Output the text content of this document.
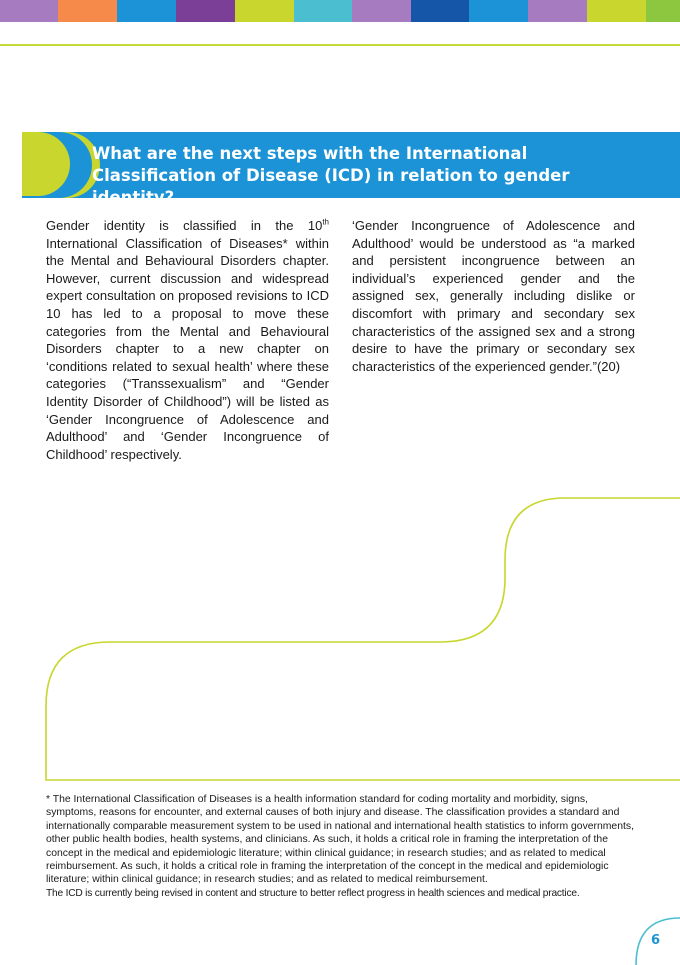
What are the next steps with the International Classification of Disease (ICD) in relation to gender identity?

Gender identity is classified in the 10th International Classification of Diseases* within the Mental and Behavioural Disorders chapter. However, current discussion and widespread expert consultation on proposed revisions to ICD 10 has led to a proposal to move these categories from the Mental and Behavioural Disorders chapter to a new chapter on ‘conditions related to sexual health’ where these categories (“Transsexualism” and “Gender Identity Disorder of Childhood”) will be listed as ‘Gender Incongruence of Adolescence and Adulthood’ and ‘Gender Incongruence of Childhood’ respectively.

‘Gender Incongruence of Adolescence and Adulthood’ would be understood as “a marked and persistent incongruence between an individual’s experienced gender and the assigned sex, generally including dislike or discomfort with primary and secondary sex characteristics of the assigned sex and a strong desire to have the primary or secondary sex characteristics of the experienced gender.”(20)

* The International Classification of Diseases is a health information standard for coding mortality and morbidity, signs, symptoms, reasons for encounter, and external causes of both injury and disease. The classification provides a standard and internationally comparable measurement system to be used in national and international health statistics to inform governments, other public health bodies, health systems, and clinicians. As such, it holds a critical role in framing the interpretation of the concept in the medical and epidemiologic literature; within clinical guidance; in research studies; and as related to medical reimbursement. As such, it holds a critical role in framing the interpretation of the concept in the medical and epidemiologic literature; within clinical guidance; in research studies; and as related to medical reimbursement.

The ICD is currently being revised in content and structure to better reflect progress in health sciences and medical practice.

6
